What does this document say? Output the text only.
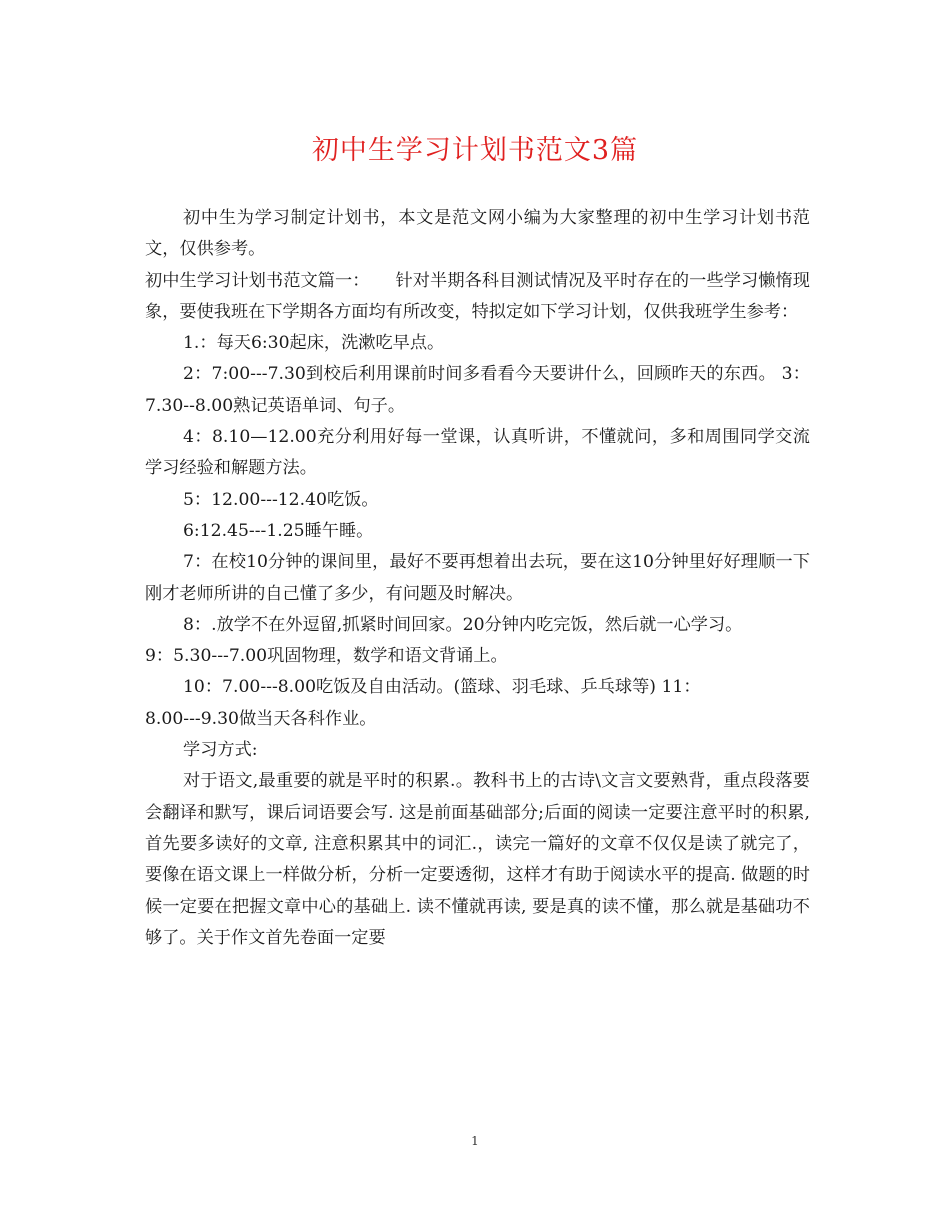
初中生学习计划书范文3篇

初中生为学习制定计划书，本文是范文网小编为大家整理的初中生学习计划书范文，仅供参考。

初中生学习计划书范文篇一：　　针对半期各科目测试情况及平时存在的一些学习懒惰现象，要使我班在下学期各方面均有所改变，特拟定如下学习计划，仅供我班学生参考：

1.：每天6:30起床，洗漱吃早点。

2：7:00---7.30到校后利用课前时间多看看今天要讲什么，回顾昨天的东西。 3：7.30--8.00熟记英语单词、句子。

4：8.10—12.00充分利用好每一堂课，认真听讲，不懂就问，多和周围同学交流学习经验和解题方法。

5：12.00---12.40吃饭。

6:12.45---1.25睡午睡。

7：在校10分钟的课间里，最好不要再想着出去玩，要在这10分钟里好好理顺一下刚才老师所讲的自己懂了多少，有问题及时解决。

8：.放学不在外逗留,抓紧时间回家。20分钟内吃完饭，然后就一心学习。

9：5.30---7.00巩固物理，数学和语文背诵上。

10：7.00---8.00吃饭及自由活动。(篮球、羽毛球、乒乓球等) 11：

8.00---9.30做当天各科作业。

学习方式:

对于语文,最重要的就是平时的积累.。教科书上的古诗\文言文要熟背，重点段落要会翻译和默写，课后词语要会写. 这是前面基础部分;后面的阅读一定要注意平时的积累, 首先要多读好的文章, 注意积累其中的词汇.，读完一篇好的文章不仅仅是读了就完了，要像在语文课上一样做分析，分析一定要透彻，这样才有助于阅读水平的提高. 做题的时候一定要在把握文章中心的基础上. 读不懂就再读, 要是真的读不懂，那么就是基础功不够了。关于作文首先卷面一定要

1
